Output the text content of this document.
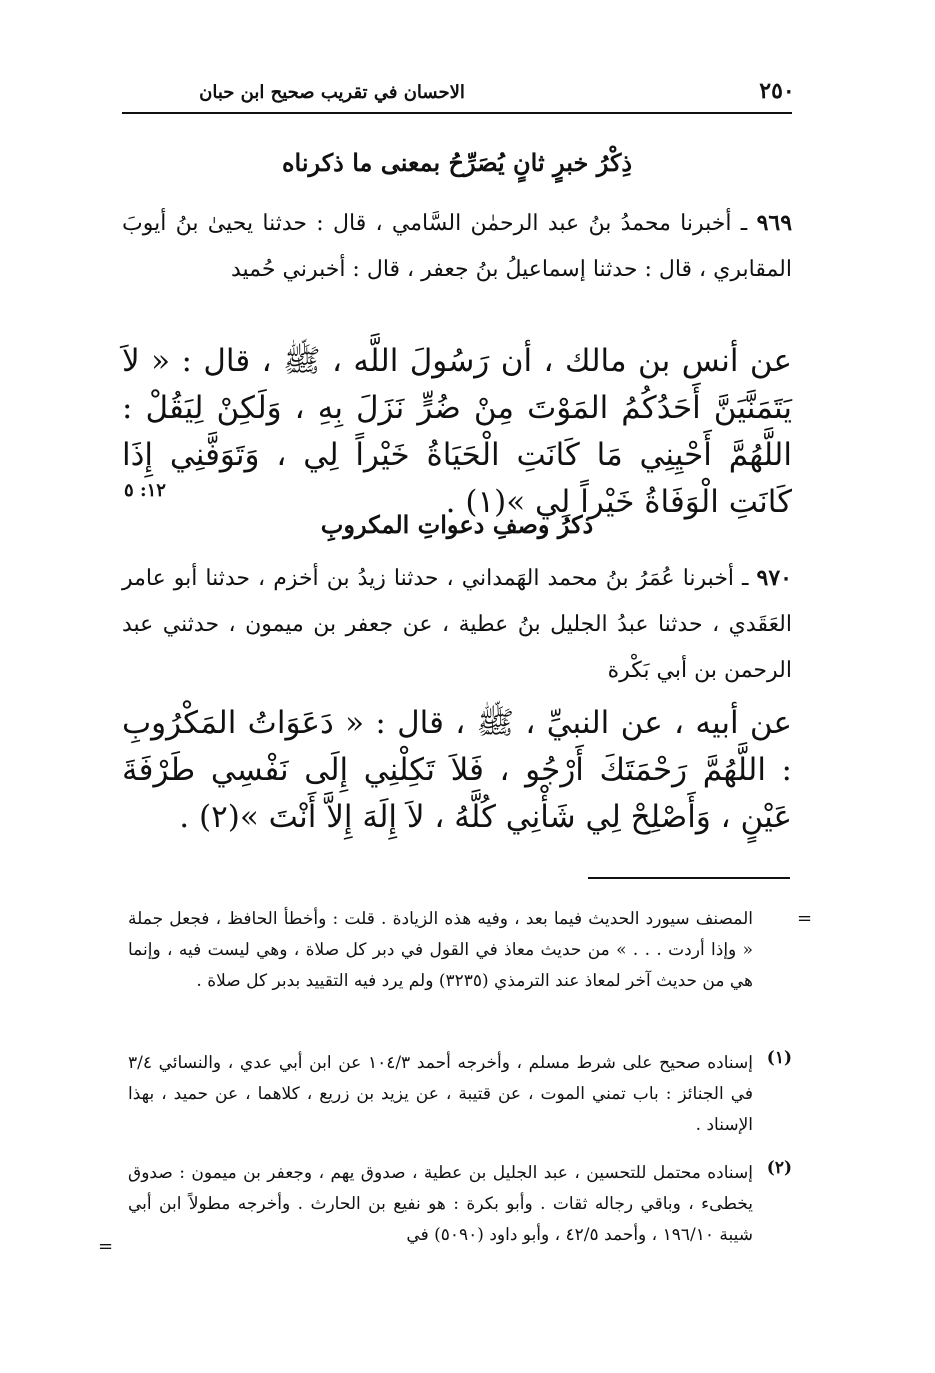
الاحسان في تقريب صحيح ابن حبان	٢٥٠
ذِكْرُ خبرٍ ثانٍ يُصَرِّحُ بمعنى ما ذكرناه
٩٦٩ ـ أخبرنا محمدُ بنُ عبد الرحمٰن السَّامي ، قال : حدثنا يحيىٰ بنُ أيوبَ المقابري ، قال : حدثنا إسماعيلُ بنُ جعفر ، قال : أخبرني حُميد
عن أنس بن مالك ، أن رَسُولَ اللَّه ، ﷺ ، قال : « لاَ يَتَمَنَّيَنَّ أَحَدُكُمُ المَوْتَ مِنْ ضُرٍّ نَزَلَ بِهِ ، وَلَكِنْ لِيَقُلْ : اللَّهُمَّ أَحْيِنِي مَا كَانَتِ الْحَيَاةُ خَيْراً لِي ، وَتَوَفَّنِي إِذَا كَانَتِ الْوَفَاةُ خَيْراً لِي »(١) .
١٢: ٥
ذكرُ وصفِ دعواتِ المكروبِ
٩٧٠ ـ أخبرنا عُمَرُ بنُ محمد الهَمداني ، حدثنا زيدُ بن أخزم ، حدثنا أبو عامر العَقَدي ، حدثنا عبدُ الجليل بنُ عطية ، عن جعفر بن ميمون ، حدثني عبد الرحمن بن أبي بَكْرة
عن أبيه ، عن النبيِّ ، ﷺ ، قال : « دَعَوَاتُ المَكْرُوبِ : اللَّهُمَّ رَحْمَتَكَ أَرْجُو ، فَلاَ تَكِلْنِي إِلَى نَفْسِي طَرْفَةَ عَيْنٍ ، وَأَصْلِحْ لِي شَأْنِي كُلَّهُ ، لاَ إِلَهَ إِلاَّ أَنْتَ »(٢) .
=
المصنف سيورد الحديث فيما بعد ، وفيه هذه الزيادة . قلت : وأخطأ الحافظ ، فجعل جملة « وإذا أردت . . . » من حديث معاذ في القول في دبر كل صلاة ، وهي ليست فيه ، وإنما هي من حديث آخر لمعاذ عند الترمذي (٣٢٣٥) ولم يرد فيه التقييد بدبر كل صلاة .
(١)
إسناده صحيح على شرط مسلم ، وأخرجه أحمد ١٠٤/٣ عن ابن أبي عدي ، والنسائي ٣/٤ في الجنائز : باب تمني الموت ، عن قتيبة ، عن يزيد بن زريع ، كلاهما ، عن حميد ، بهذا الإسناد .
(٢)
إسناده محتمل للتحسين ، عبد الجليل بن عطية ، صدوق يهم ، وجعفر بن ميمون : صدوق يخطىء ، وباقي رجاله ثقات . وأبو بكرة : هو نفيع بن الحارث . وأخرجه مطولاً ابن أبي شيبة ١٩٦/١٠ ، وأحمد ٤٢/٥ ، وأبو داود (٥٠٩٠) في
=
